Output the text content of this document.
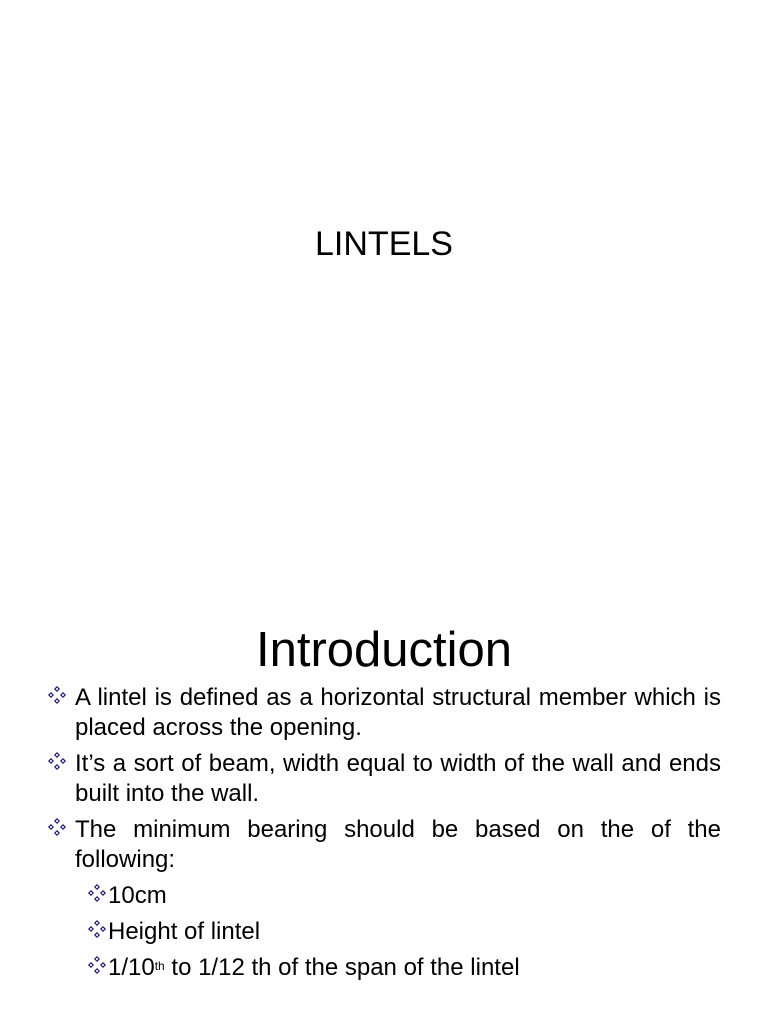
LINTELS
Introduction
A lintel is defined as a horizontal structural member which is placed across the opening.
It’s a sort of beam, width equal to width of the wall and ends built into the wall.
The minimum bearing should be based on the of the following:
10cm
Height of lintel
1/10th to 1/12 th of the span of the lintel
